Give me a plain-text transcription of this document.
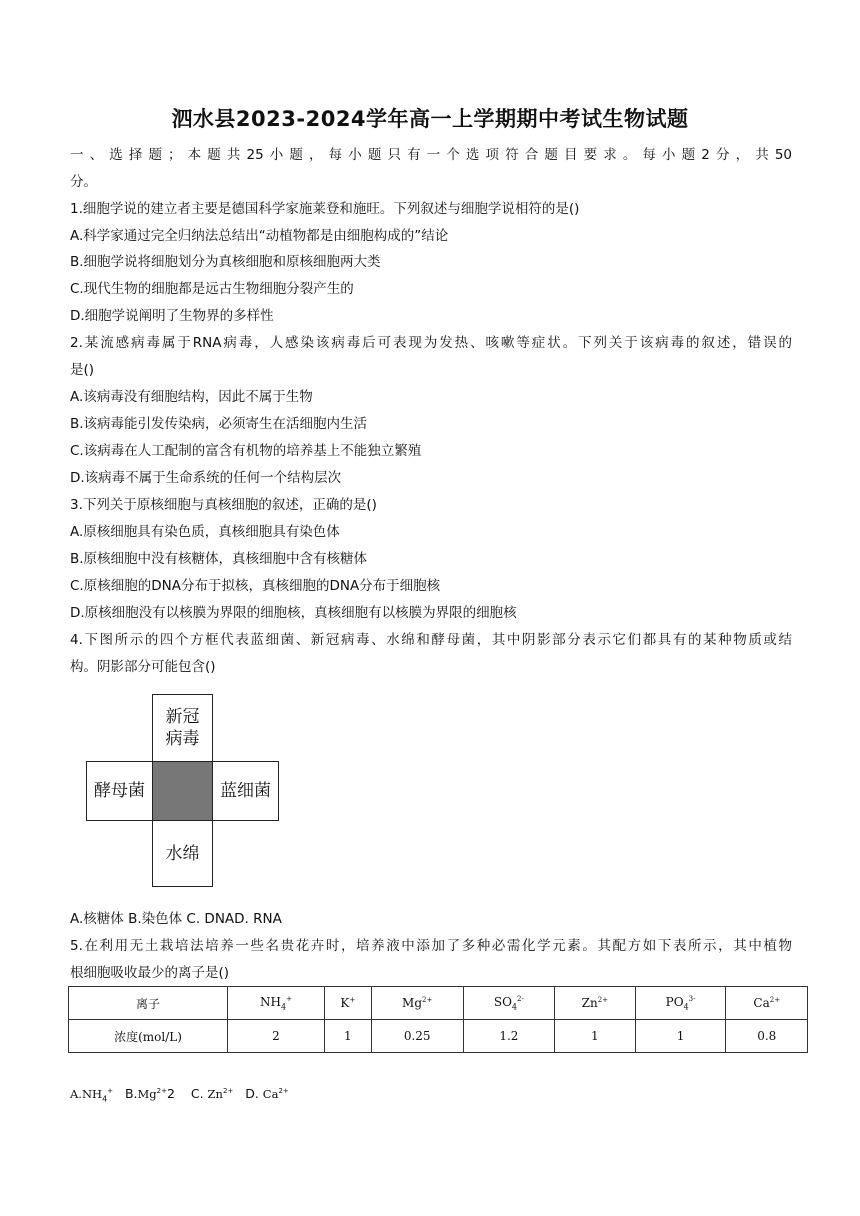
泗水县2023-2024学年高一上学期期中考试生物试题
一、选择题；本题共25小题，每小题只有一个选项符合题目要求。每小题2分，共50
分。
1.细胞学说的建立者主要是德国科学家施莱登和施旺。下列叙述与细胞学说相符的是()
A.科学家通过完全归纳法总结出“动植物都是由细胞构成的”结论
B.细胞学说将细胞划分为真核细胞和原核细胞两大类
C.现代生物的细胞都是远古生物细胞分裂产生的
D.细胞学说阐明了生物界的多样性
2.某流感病毒属于RNA病毒，人感染该病毒后可表现为发热、咳嗽等症状。下列关于该病毒的叙述，错误的
是()
A.该病毒没有细胞结构，因此不属于生物
B.该病毒能引发传染病，必须寄生在活细胞内生活
C.该病毒在人工配制的富含有机物的培养基上不能独立繁殖
D.该病毒不属于生命系统的任何一个结构层次
3.下列关于原核细胞与真核细胞的叙述，正确的是()
A.原核细胞具有染色质，真核细胞具有染色体
B.原核细胞中没有核糖体，真核细胞中含有核糖体
C.原核细胞的DNA分布于拟核，真核细胞的DNA分布于细胞核
D.原核细胞没有以核膜为界限的细胞核，真核细胞有以核膜为界限的细胞核
4.下图所示的四个方框代表蓝细菌、新冠病毒、水绵和酵母菌，其中阴影部分表示它们都具有的某种物质或结
构。阴影部分可能包含()
新冠
病毒
酵母菌	蓝细菌
水绵
A.核糖体 B.染色体 C. DNAD. RNA
5.在利用无土栽培法培养一些名贵花卉时，培养液中添加了多种必需化学元素。其配方如下表所示，其中植物
根细胞吸收最少的离子是()
离子	$NH_4^+$	K+	$Mg^{2+}$	$SO_4^{2-}$	$Zn^{2+}$	$PO_4^{3-}$	$Ca^{2+}$
浓度(mol/L)	2	1	0.25	1.2	1	1	0.8
$A.NH_4^+$ $B.Mg^{2+}2$ C. $Zn^{2+}$ D. $Ca^{2+}$
